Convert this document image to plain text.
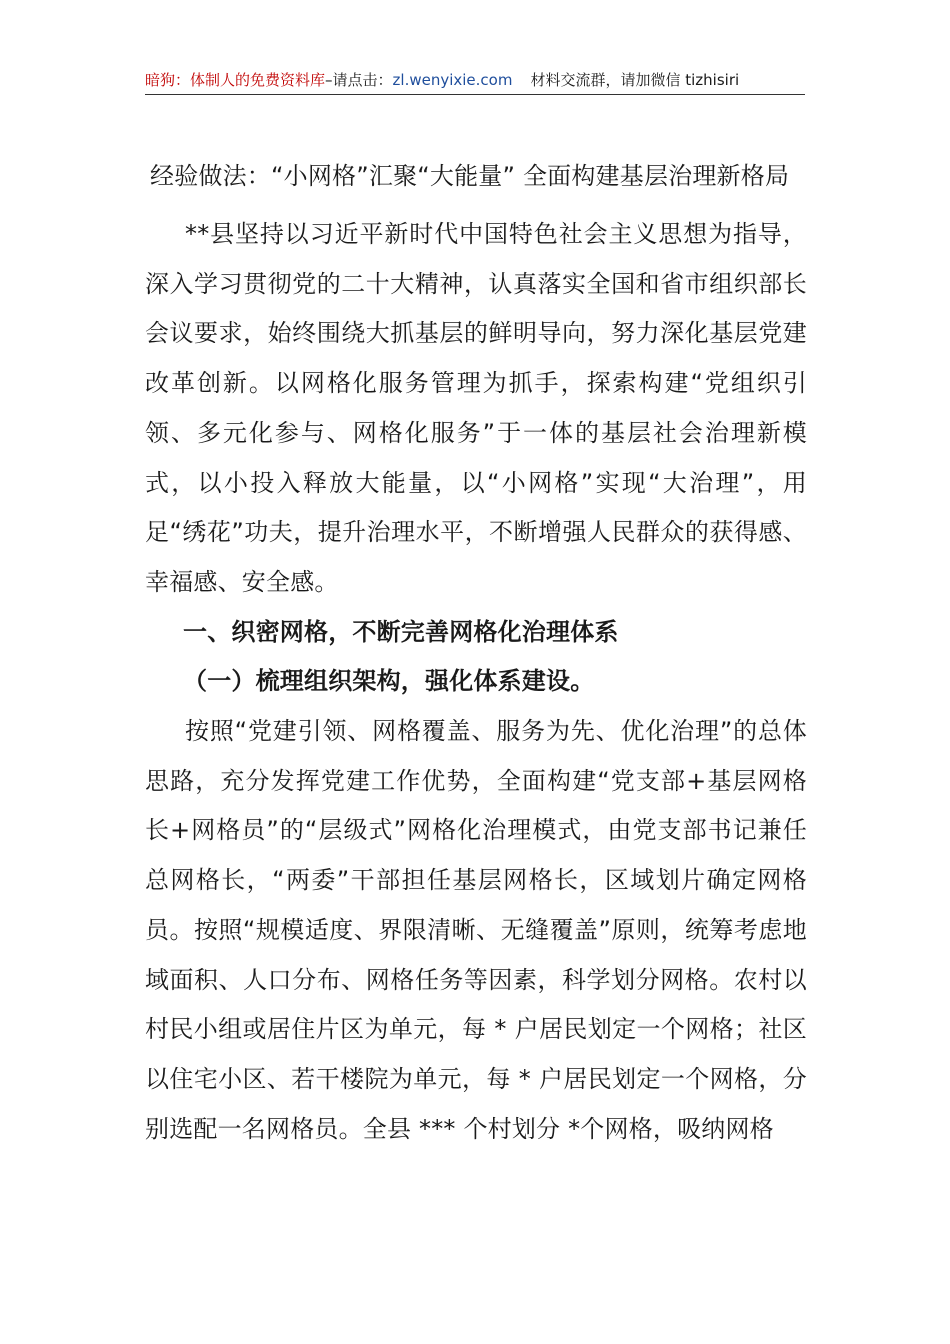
暗狗：体制人的免费资料库–请点击：zl.wenyixie.com 材料交流群，请加微信 tizhisiri
经验做法：“小网格”汇聚“大能量” 全面构建基层治理新格局

**县坚持以习近平新时代中国特色社会主义思想为指导，深入学习贯彻党的二十大精神，认真落实全国和省市组织部长会议要求，始终围绕大抓基层的鲜明导向，努力深化基层党建改革创新。以网格化服务管理为抓手，探索构建“党组织引领、多元化参与、网格化服务”于一体的基层社会治理新模式，以小投入释放大能量，以“小网格”实现“大治理”，用足“绣花”功夫，提升治理水平，不断增强人民群众的获得感、幸福感、安全感。

一、织密网格，不断完善网格化治理体系

（一）梳理组织架构，强化体系建设。

按照“党建引领、网格覆盖、服务为先、优化治理”的总体思路，充分发挥党建工作优势，全面构建“党支部+基层网格长+网格员”的“层级式”网格化治理模式，由党支部书记兼任总网格长，“两委”干部担任基层网格长，区域划片确定网格员。按照“规模适度、界限清晰、无缝覆盖”原则，统筹考虑地域面积、人口分布、网格任务等因素，科学划分网格。农村以村民小组或居住片区为单元，每 * 户居民划定一个网格；社区以住宅小区、若干楼院为单元，每 * 户居民划定一个网格，分别选配一名网格员。全县 *** 个村划分 *个网格，吸纳网格
